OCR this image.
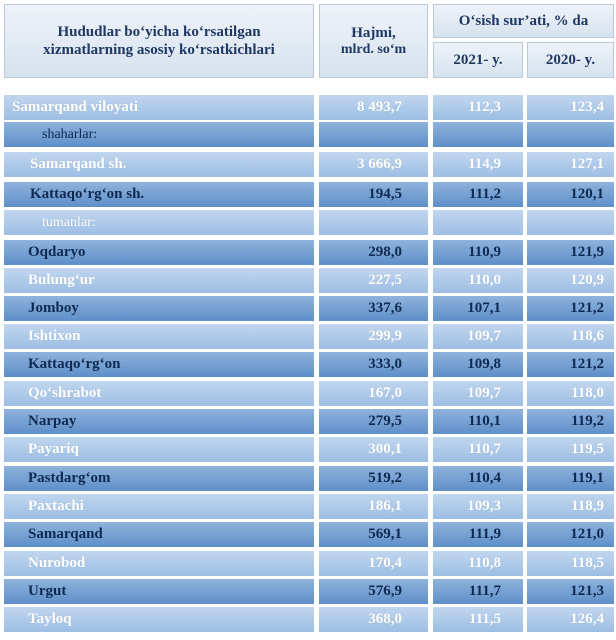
Hududlar bo‘yicha ko‘rsatilgan
xizmatlarning asosiy ko‘rsatkichlari
Hajmi,
mlrd. so‘m
O‘sish sur’ati, % da
2021- y.	2020- y.
Samarqand viloyati	8 493,7	112,3	123,4
shaharlar:
Samarqand sh.	3 666,9	114,9	127,1
Kattaqo‘rg‘on sh.	194,5	111,2	120,1
tumanlar:
Oqdaryo	298,0	110,9	121,9
Bulung‘ur	227,5	110,0	120,9
Jomboy	337,6	107,1	121,2
Ishtixon	299,9	109,7	118,6
Kattaqo‘rg‘on	333,0	109,8	121,2
Qo‘shrabot	167,0	109,7	118,0
Narpay	279,5	110,1	119,2
Payariq	300,1	110,7	119,5
Pastdarg‘om	519,2	110,4	119,1
Paxtachi	186,1	109,3	118,9
Samarqand	569,1	111,9	121,0
Nurobod	170,4	110,8	118,5
Urgut	576,9	111,7	121,3
Tayloq	368,0	111,5	126,4
